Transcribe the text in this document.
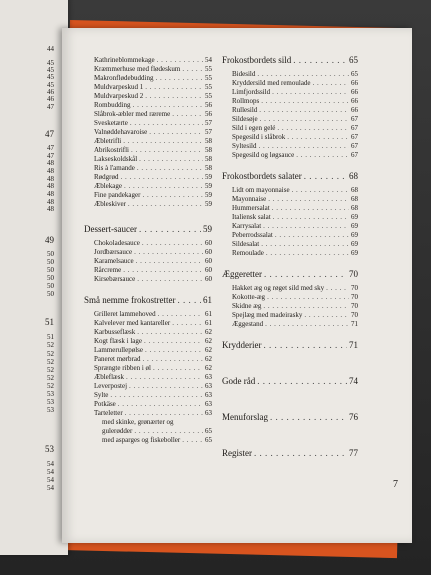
44
45
45
45
45
46
46
47
47
47
47
48
48
48
48
48
48
48
49
50
50
50
50
50
50
51
51
52
52
52
52
52
52
53
53
53
53
54
54
54
54
Kathrineblommekage . . .	54
Kræmmerhuse med flødeskum . . .	55
Makronflødebudding . . .	55
Muldvarpeskud 1 . . .	55
Muldvarpeskud 2 . . .	55
Rombudding . . .	56
Slåbrok-æbler med ræreme . . .	56
Svesketærte . . .	57
Valnøddehavaroise . . .	57
Æbletrifli . . .	58
Abrikostrifli . . .	58
Lakseskoldskål . . .	58
Ris à l'amande . . .	58
Rødgrød . . .	59
Æblekage . . .	59
Fine pandekager . . .	59
Æbleskiver . . .	59
Dessert-saucer . . .	59
Chokoladesauce . . .	60
Jordbærsauce . . .	60
Karamelsauce . . .	60
Rårcreme . . .	60
Kirsebærsauce . . .	60
Små nemme frokostretter . . .	61
Grilleret lammehoved . . .	61
Kalvelever med kantareller . . .	61
Karbusseflæsk . . .	62
Kogt flæsk i lage . . .	62
Lammerullepølse . . .	62
Paneret mørbrad . . .	62
Sprængte ribben i øl . . .	62
Æbleflæsk . . .	63
Leverpostej . . .	63
Sylte . . .	63
Potkäse . . .	63
Tarteletter . . .	63
med skinke, grønærter og
gulerødder . . .	65
med asparges og fiskeboller . . .	65
Frokostbordets sild . . .	65
Bidesild . . .	65
Kryddersild med remoulade . . .	66
Limfjordssild . . .	66
Rollmops . . .	66
Rullesild . . .	66
Sildesøje . . .	67
Sild i egen gelé . . .	67
Spegesild i slåbrok . . .	67
Syltesild . . .	67
Spegesild og løgsauce . . .	67
Frokostbordets salater . . .	68
Lidt om mayonnaise . . .	68
Mayonnaise . . .	68
Hummersalat . . .	68
Italiensk salat . . .	69
Karrysalat . . .	69
Peberrodssalat . . .	69
Sildesalat . . .	69
Remoulade . . .	69
Æggeretter . . .	70
Hakket æg og røget sild med sky . . .	70
Kokotte-æg . . .	70
Skidne æg . . .	70
Spejlæg med madeirasky . . .	70
Æggestand . . .	71
Krydderier . . .	71
Gode råd . . .	74
Menuforslag . . .	76
Register . . .	77
7
